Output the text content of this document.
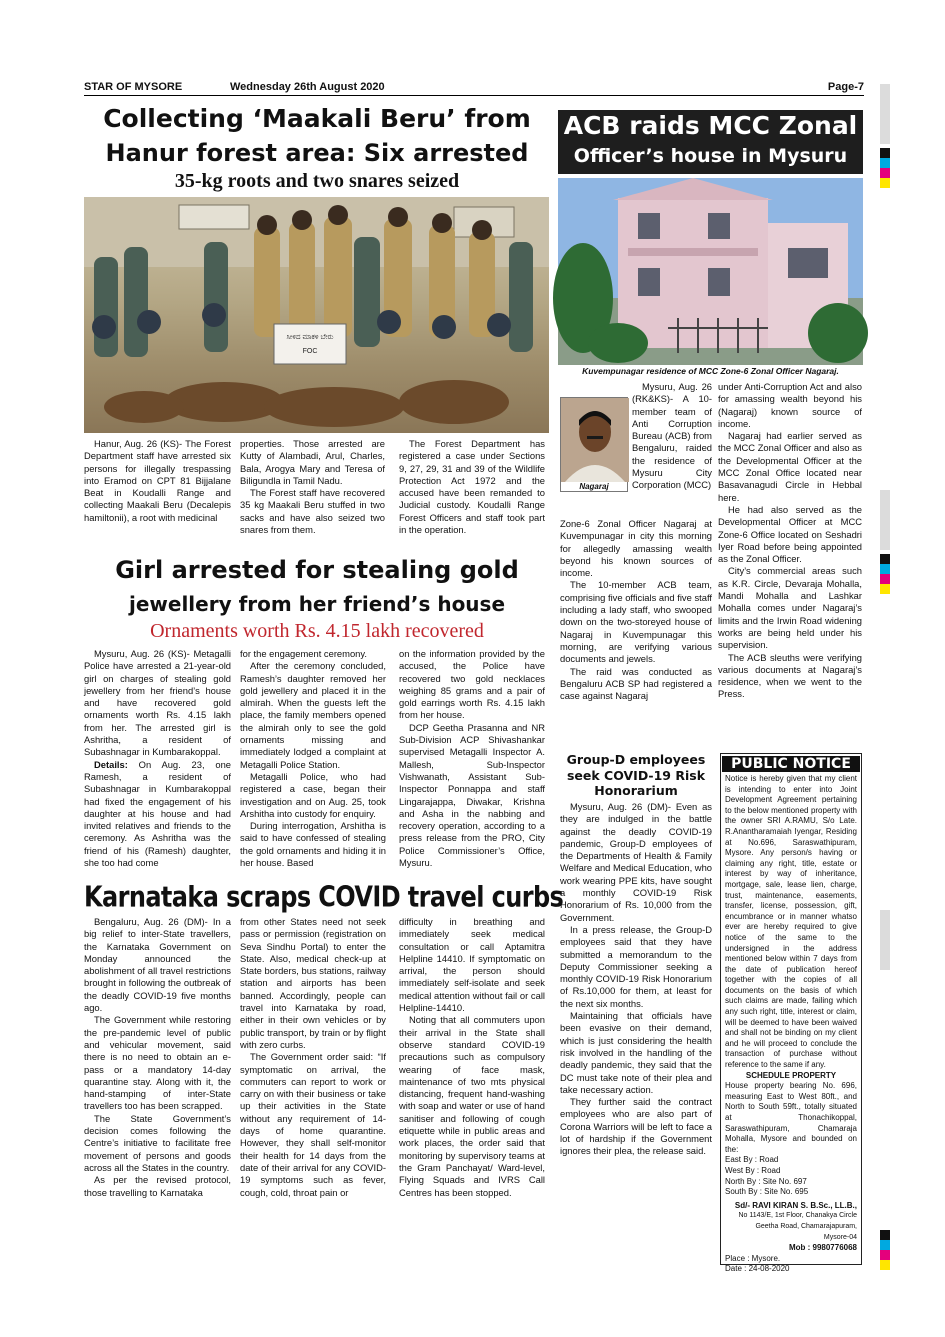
STAR OF MYSORE	Wednesday 26th August 2020	Page-7
Collecting ‘Maakali Beru’ from
Hanur forest area: Six arrested
35-kg roots and two snares seized
ಸೀಳಿದ ಮಾಕಳಿ ಬೇರು
FOC

Hanur, Aug. 26 (KS)- The Forest Department staff have arrested six persons for illegally trespassing into Eramod on CPT 81 Bijjalane Beat in Koudalli Range and collecting Maakali Beru (Decalepis hamiltonii), a root with medicinal

properties. Those arrested are Kutty of Alambadi, Arul, Charles, Bala, Arogya Mary and Teresa of Biligundla in Tamil Nadu.

The Forest staff have recovered 35 kg Maakali Beru stuffed in two sacks and have also seized two snares from them.

The Forest Department has registered a case under Sections 9, 27, 29, 31 and 39 of the Wildlife Protection Act 1972 and the accused have been remanded to Judicial custody. Koudalli Range Forest Officers and staff took part in the operation.

ACB raids MCC Zonal
Officer’s house in Mysuru
Kuvempunagar residence of MCC Zone-6 Zonal Officer Nagaraj.
Nagaraj

Mysuru, Aug. 26 (RK&KS)- A 10-member team of Anti Corruption Bureau (ACB) from Bengaluru, raided the residence of Mysuru City Corporation (MCC)

Zone-6 Zonal Officer Nagaraj at Kuvempunagar in city this morning for allegedly amassing wealth beyond his known sources of income.

The 10-member ACB team, comprising five officials and five staff including a lady staff, who swooped down on the two-storeyed house of Nagaraj in Kuvempunagar this morning, are verifying various documents and jewels.

The raid was conducted as Bengaluru ACB SP had registered a case against Nagaraj

under Anti-Corruption Act and also for amassing wealth beyond his (Nagaraj) known source of income.

Nagaraj had earlier served as the MCC Zonal Officer and also as the Developmental Officer at the MCC Zonal Office located near Basavanagudi Circle in Hebbal here.

He had also served as the Developmental Officer at MCC Zone-6 Office located on Seshadri Iyer Road before being appointed as the Zonal Officer.

City’s commercial areas such as K.R. Circle, Devaraja Mohalla, Mandi Mohalla and Lashkar Mohalla comes under Nagaraj’s limits and the Irwin Road widening works are being held under his supervision.

The ACB sleuths were verifying various documents at Nagaraj’s residence, when we went to the Press.

Girl arrested for stealing gold
jewellery from her friend’s house
Ornaments worth Rs. 4.15 lakh recovered

Mysuru, Aug. 26 (KS)- Metagalli Police have arrested a 21-year-old girl on charges of stealing gold jewellery from her friend’s house and have recovered gold ornaments worth Rs. 4.15 lakh from her. The arrested girl is Ashritha, a resident of Subashnagar in Kumbarakoppal.

Details: On Aug. 23, one Ramesh, a resident of Subashnagar in Kumbarakoppal had fixed the engagement of his daughter at his house and had invited relatives and friends to the ceremony. As Ashritha was the friend of his (Ramesh) daughter, she too had come

for the engagement ceremony.

After the ceremony concluded, Ramesh’s daughter removed her gold jewellery and placed it in the almirah. When the guests left the place, the family members opened the almirah only to see the gold ornaments missing and immediately lodged a complaint at Metagalli Police Station.

Metagalli Police, who had registered a case, began their investigation and on Aug. 25, took Arshitha into custody for enquiry.

During interrogation, Arshitha is said to have confessed of stealing the gold ornaments and hiding it in her house. Based

on the information provided by the accused, the Police have recovered two gold necklaces weighing 85 grams and a pair of gold earrings worth Rs. 4.15 lakh from her house.

DCP Geetha Prasanna and NR Sub-Division ACP Shivashankar supervised Metagalli Inspector A. Mallesh, Sub-Inspector Vishwanath, Assistant Sub-Inspector Ponnappa and staff Lingarajappa, Diwakar, Krishna and Asha in the nabbing and recovery operation, according to a press release from the PRO, City Police Commissioner’s Office, Mysuru.

Group-D employees seek COVID-19 Risk Honorarium

Mysuru, Aug. 26 (DM)- Even as they are indulged in the battle against the deadly COVID-19 pandemic, Group-D employees of the Departments of Health & Family Welfare and Medical Education, who work wearing PPE kits, have sought a monthly COVID-19 Risk Honorarium of Rs. 10,000 from the Government.

In a press release, the Group-D employees said that they have submitted a memorandum to the Deputy Commissioner seeking a monthly COVID-19 Risk Honorarium of Rs.10,000 for them, at least for the next six months.

Maintaining that officials have been evasive on their demand, which is just considering the health risk involved in the handling of the deadly pandemic, they said that the DC must take note of their plea and take necessary action.

They further said the contract employees who are also part of Corona Warriors will be left to face a lot of hardship if the Government ignores their plea, the release said.

Karnataka scraps COVID travel curbs

Bengaluru, Aug. 26 (DM)- In a big relief to inter-State travellers, the Karnataka Government on Monday announced the abolishment of all travel restrictions brought in following the outbreak of the deadly COVID-19 five months ago.

The Government while restoring the pre-pandemic level of public and vehicular movement, said there is no need to obtain an e-pass or a mandatory 14-day quarantine stay. Along with it, the hand-stamping of inter-State travellers too has been scrapped.

The State Government’s decision comes following the Centre’s initiative to facilitate free movement of persons and goods across all the States in the country.

As per the revised protocol, those travelling to Karnataka

from other States need not seek pass or permission (registration on Seva Sindhu Portal) to enter the State. Also, medical check-up at State borders, bus stations, railway station and airports has been banned. Accordingly, people can travel into Karnataka by road, either in their own vehicles or by public transport, by train or by flight with zero curbs.

The Government order said: “If symptomatic on arrival, the commuters can report to work or carry on with their business or take up their activities in the State without any requirement of 14-days of home quarantine. However, they shall self-monitor their health for 14 days from the date of their arrival for any COVID-19 symptoms such as fever, cough, cold, throat pain or

difficulty in breathing and immediately seek medical consultation or call Aptamitra Helpline 14410. If symptomatic on arrival, the person should immediately self-isolate and seek medical attention without fail or call Helpline-14410.

Noting that all commuters upon their arrival in the State shall observe standard COVID-19 precautions such as compulsory wearing of face mask, maintenance of two mts physical distancing, frequent hand-washing with soap and water or use of hand sanitiser and following of cough etiquette while in public areas and work places, the order said that monitoring by supervisory teams at the Gram Panchayat/ Ward-level, Flying Squads and IVRS Call Centres has been stopped.

PUBLIC NOTICE
Notice is hereby given that my client is intending to enter into Joint Development Agreement pertaining to the below mentioned property with the owner SRI A.RAMU, S/o Late. R.Anantharamaiah Iyengar, Residing at No.696, Saraswathipuram, Mysore. Any person/s having or claiming any right, title, estate or interest by way of inheritance, mortgage, sale, lease lien, charge, trust, maintenance, easements, transfer, license, possession, gift, encumbrance or in manner whatso ever are hereby required to give notice of the same to the undersigned in the address mentioned below within 7 days from the date of publication hereof together with the copies of all documents on the basis of which such claims are made, failing which any such right, title, interest or claim, will be deemed to have been waived and shall not be binding on my client and he will proceed to conclude the transaction of purchase without reference to the same if any.
SCHEDULE PROPERTY
House property bearing No. 696, measuring East to West 80ft., and North to South 59ft., totally situated at Thonachikoppal, Saraswathipuram, Chamaraja Mohalla, Mysore and bounded on the:
East By : Road
West By : Road
North By : Site No. 697
South By : Site No. 695
Sd/- RAVI KIRAN S. B.Sc., LL.B.,
No 1143/E, 1st Floor, Chanakya Circle
Geetha Road, Chamarajapuram,
Mysore-04
Mob : 9980776068
Place : Mysore.
Date : 24-08-2020
